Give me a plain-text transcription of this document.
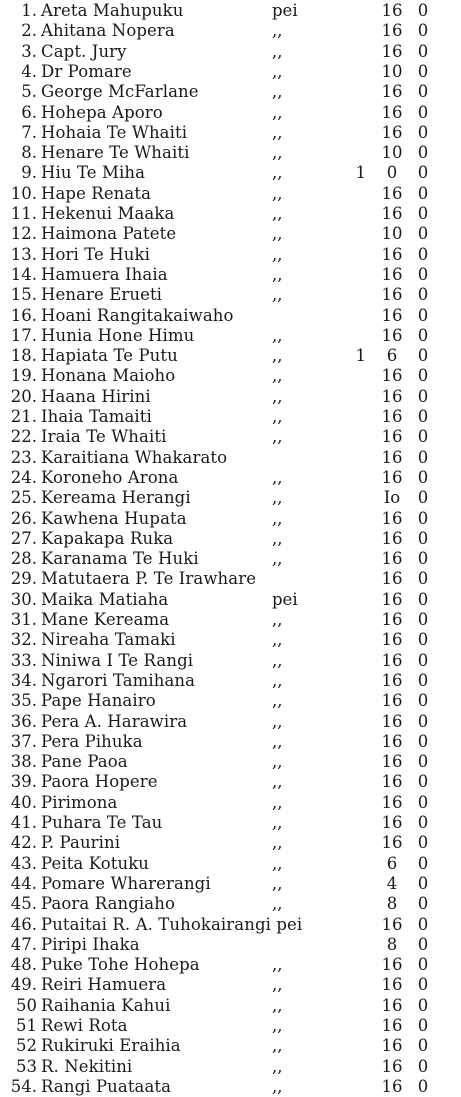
1. Areta Mahupuku	pei	16 0
2. Ahitana Nopera	,,	16 0
3. Capt. Jury	,,	16 0
4. Dr Pomare	,,	10 0
5. George McFarlane	,,	16 0
6. Hohepa Aporo	,,	16 0
7. Hohaia Te Whaiti	,,	16 0
8. Henare Te Whaiti	,,	10 0
9. Hiu Te Miha	,,	1	0	0
10. Hape Renata	,,	16 0
11. Hekenui Maaka	,,	16 0
12. Haimona Patete	,,	10 0
13. Hori Te Huki	,,	16 0
14. Hamuera Ihaia	,,	16 0
15. Henare Erueti	,,	16 0
16. Hoani Rangitakaiwaho	16 0
17. Hunia Hone Himu	,,	16 0
18. Hapiata Te Putu	,,	1	6	0
19. Honana Maioho	,,	16 0
20. Haana Hirini	,,	16 0
21. Ihaia Tamaiti	,,	16 0
22. Iraia Te Whaiti	,,	16 0
23. Karaitiana Whakarato	16 0
24. Koroneho Arona	,,	16 0
25. Kereama Herangi	,,	Io 0
26. Kawhena Hupata	,,	16 0
27. Kapakapa Ruka	,,	16 0
28. Karanama Te Huki	,,	16 0
29. Matutaera P. Te Irawhare	16 0
30. Maika Matiaha	pei	16 0
31. Mane Kereama	,,	16 0
32. Nireaha Tamaki	,,	16 0
33. Niniwa I Te Rangi	,,	16 0
34. Ngarori Tamihana	,,	16 0
35. Pape Hanairo	,,	16 0
36. Pera A. Harawira	,,	16 0
37. Pera Pihuka	,,	16 0
38. Pane Paoa	,,	16 0
39. Paora Hopere	,,	16 0
40. Pirimona	,,	16 0
41. Puhara Te Tau	,,	16 0
42. P. Paurini	,,	16 0
43. Peita Kotuku	,,	6	0
44. Pomare Wharerangi	,,	4	0
45. Paora Rangiaho	,,	8	0
46. Putaitai R. A. Tuhokairangi pei	16 0
47. Piripi Ihaka	8	0
48. Puke Tohe Hohepa	,,	16 0
49. Reiri Hamuera	,,	16 0
50 Raihania Kahui	,,	16 0
51 Rewi Rota	,,	16 0
52 Rukiruki Eraihia	,,	16 0
53 R. Nekitini	,,	16 0
54. Rangi Puataata	,,	16 0
